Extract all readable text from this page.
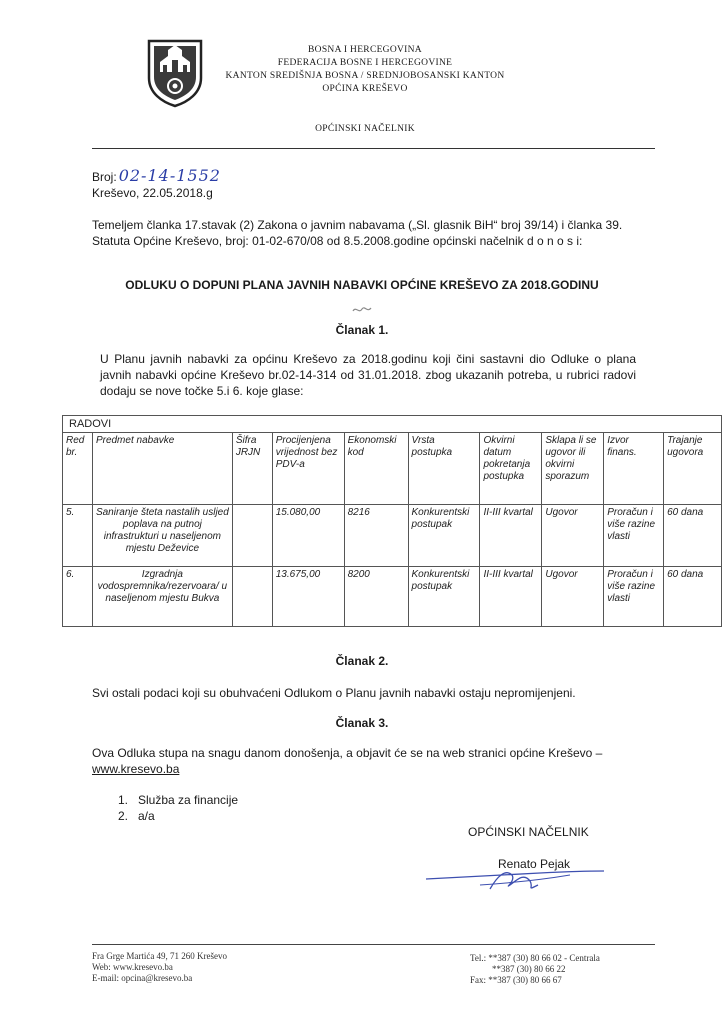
BOSNA I HERCEGOVINA
FEDERACIJA BOSNE I HERCEGOVINE
KANTON SREDIŠNJA BOSNA / SREDNJOBOSANSKI KANTON
OPĆINA KREŠEVO
OPĆINSKI NAČELNIK
Broj: 02-14-1552
Kreševo, 22.05.2018.g
Temeljem članka 17.stavak (2) Zakona o javnim nabavama („Sl. glasnik BiH“ broj 39/14) i članka 39. Statuta Općine Kreševo, broj: 01-02-670/08 od 8.5.2008.godine općinski načelnik d o n o s i:
ODLUKU O DOPUNI PLANA JAVNIH NABAVKI OPĆINE KREŠEVO ZA 2018.GODINU
Članak 1.
U Planu javnih nabavki za općinu Kreševo za 2018.godinu koji čini sastavni dio Odluke o plana javnih nabavki općine Kreševo br.02-14-314 od 31.01.2018. zbog ukazanih potreba, u rubrici radovi dodaju se nove točke 5.i 6. koje glase:
RADOVI									
Red br.	Predmet nabavke	Šifra JRJN	Procijenjena vrijednost bez PDV-a	Ekonomski kod	Vrsta postupka	Okvirni datum pokretanja postupka	Sklapa li se ugovor ili okvirni sporazum	Izvor finans.	Trajanje ugovora
5.	Saniranje šteta nastalih usljed poplava na putnoj infrastrukturi u naseljenom mjestu Deževice		15.080,00	8216	Konkurentski postupak	II-III kvartal	Ugovor	Proračun i više razine vlasti	60 dana
6.	Izgradnja vodospremnika/rezervoara/ u naseljenom mjestu Bukva		13.675,00	8200	Konkurentski postupak	II-III kvartal	Ugovor	Proračun i više razine vlasti	60 dana
Članak 2.
Svi ostali podaci koji su obuhvaćeni Odlukom o Planu javnih nabavki ostaju nepromijenjeni.
Članak 3.
Ova Odluka stupa na snagu danom donošenja, a objavit će se na web stranici općine Kreševo –
www.kresevo.ba
1. Služba za financije
2. a/a
OPĆINSKI NAČELNIK
Renato Pejak
Fra Grge Martića 49, 71 260 Kreševo
Web: www.kresevo.ba
E-mail: opcina@kresevo.ba
Tel.: **387 (30) 80 66 02 - Centrala
**387 (30) 80 66 22
Fax: **387 (30) 80 66 67
